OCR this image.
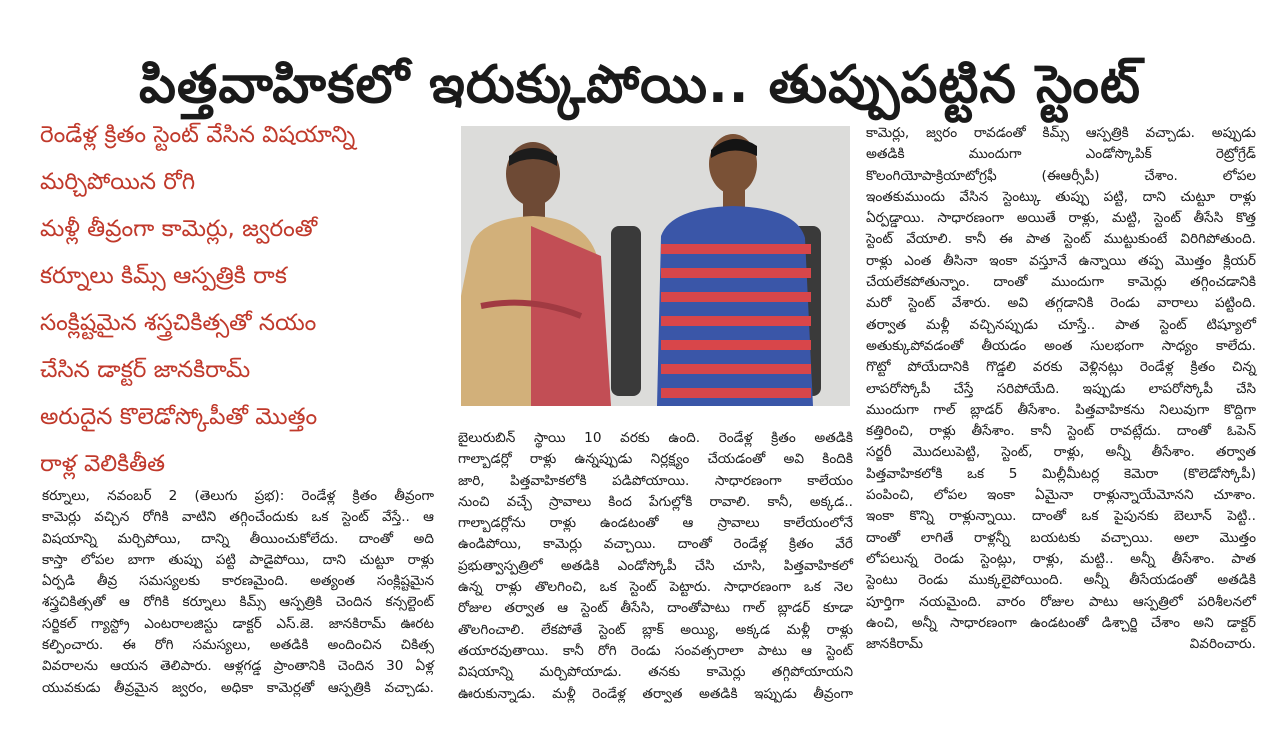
పిత్తవాహికలో ఇరుక్కుపోయి.. తుప్పుపట్టిన స్టెంట్
రెండేళ్ల క్రితం స్టెంట్ వేసిన విషయాన్ని
మర్చిపోయిన రోగి
మళ్లీ తీవ్రంగా కామెర్లు, జ్వరంతో
కర్నూలు కిమ్స్ ఆస్పత్రికి రాక
సంక్లిష్టమైన శస్త్రచికిత్సతో నయం
చేసిన డాక్టర్ జానకిరామ్
అరుదైన కొలెడోస్కోపీతో మొత్తం
రాళ్ల వెలికితీత

కర్నూలు, నవంబర్ 2 (తెలుగు ప్రభ): రెండేళ్ల క్రితం తీవ్రంగా

కామెర్లు వచ్చిన రోగికి వాటిని తగ్గించేందుకు ఒక స్టెంట్ వేస్తే.. ఆ

విషయాన్ని మర్చిపోయి, దాన్ని తీయించుకోలేదు. దాంతో అది

కాస్తా లోపల బాగా తుప్పు పట్టి పాడైపోయి, దాని చుట్టూ రాళ్లు

ఏర్పడి తీవ్ర సమస్యలకు కారణమైంది. అత్యంత సంక్లిష్టమైన

శస్త్రచికిత్సతో ఆ రోగికి కర్నూలు కిమ్స్ ఆస్పత్రికి చెందిన కన్సల్టెంట్

సర్జికల్ గ్యాస్ట్రో ఎంటరాలజిస్టు డాక్టర్ ఎస్.జె. జానకిరామ్ ఊరట

కల్పించారు. ఈ రోగి సమస్యలు, అతడికి అందించిన చికిత్స

వివరాలను ఆయన తెలిపారు. ఆళ్లగడ్డ ప్రాంతానికి చెందిన 30 ఏళ్ల

యువకుడు తీవ్రమైన జ్వరం, అధికా కామెర్లతో ఆస్పత్రికి వచ్చాడు.

బైలురుబిన్ స్థాయి 10 వరకు ఉంది. రెండేళ్ల క్రితం అతడికి

గాల్బాడర్లో రాళ్లు ఉన్నప్పుడు నిర్లక్ష్యం చేయడంతో అవి కిందికి

జారి, పిత్తవాహికలోకి పడిపోయాయి. సాధారణంగా కాలేయం

నుంచి వచ్చే స్రావాలు కింద పేగుల్లోకి రావాలి. కానీ, అక్కడ..

గాల్బాడర్లోను రాళ్లు ఉండటంతో ఆ స్రావాలు కాలేయంలోనే

ఉండిపోయి, కామెర్లు వచ్చాయి. దాంతో రెండేళ్ల క్రితం వేరే

ప్రభుత్వాస్పత్రిలో అతడికి ఎండోస్కోపీ చేసి చూసి, పిత్తవాహికలో

ఉన్న రాళ్లు తొలగించి, ఒక స్టెంట్ పెట్టారు. సాధారణంగా ఒక నెల

రోజుల తర్వాత ఆ స్టెంట్ తీసేసి, దాంతోపాటు గాల్ బ్లాడర్ కూడా

తొలగించాలి. లేకపోతే స్టెంట్ బ్లాక్ అయ్యి, అక్కడ మళ్లీ రాళ్లు

తయారవుతాయి. కానీ రోగి రెండు సంవత్సరాలా పాటు ఆ స్టెంట్

విషయాన్ని మర్చిపోయాడు. తనకు కామెర్లు తగ్గిపోయాయని

ఊరుకున్నాడు. మళ్లీ రెండేళ్ల తర్వాత అతడికి ఇప్పుడు తీవ్రంగా

కామెర్లు, జ్వరం రావడంతో కిమ్స్ ఆస్పత్రికి వచ్చాడు. అప్పుడు

అతడికి ముందుగా ఎండోస్కొపిక్ రెట్రోగ్రేడ్

కొలంగియోపాక్రియాటోగ్రఫీ (ఈఆర్సీపీ) చేశాం. లోపల

ఇంతకుముందు వేసిన స్టెంట్కు తుప్పు పట్టి, దాని చుట్టూ రాళ్లు

ఏర్పడ్డాయి. సాధారణంగా అయితే రాళ్లు, మట్టి, స్టెంట్ తీసేసి కొత్త

స్టెంట్ వేయాలి. కానీ ఈ పాత స్టెంట్ ముట్టుకుంటే విరిగిపోతుంది.

రాళ్లు ఎంత తీసినా ఇంకా వస్తూనే ఉన్నాయి తప్ప మొత్తం క్లియర్

చేయలేకపోతున్నాం. దాంతో ముందుగా కామెర్లు తగ్గించడానికి

మరో స్టెంట్ వేశారు. అవి తగ్గడానికి రెండు వారాలు పట్టింది.

తర్వాత మళ్లీ వచ్చినప్పుడు చూస్తే.. పాత స్టెంట్ టిష్యూలో

అతుక్కుపోవడంతో తీయడం అంత సులభంగా సాధ్యం కాలేదు.

గొట్టో పోయేదానికి గొడ్డలి వరకు వెళ్లినట్లు రెండేళ్ల క్రితం చిన్న

లాపరోస్కోపీ చేస్తే సరిపోయేది. ఇప్పుడు లాపరోస్కోపీ చేసి

ముందుగా గాల్ బ్లాడర్ తీసేశాం. పిత్తవాహికను నిలువుగా కొద్దిగా

కత్తిరించి, రాళ్లు తీసేశాం. కానీ స్టెంట్ రావట్లేదు. దాంతో ఓపెన్

సర్జరీ మొదలుపెట్టి, స్టెంట్, రాళ్లు, అన్నీ తీసేశాం. తర్వాత

పిత్తవాహికలోకి ఒక 5 మిల్లీమీటర్ల కెమెరా (కొలెడోస్కోపీ)

పంపించి, లోపల ఇంకా ఏమైనా రాళ్లున్నాయేమోనని చూశాం.

ఇంకా కొన్ని రాళ్లున్నాయి. దాంతో ఒక పైపునకు బెలూన్ పెట్టి..

దాంతో లాగితే రాళ్లన్నీ బయటకు వచ్చాయి. అలా మొత్తం

లోపలున్న రెండు స్టెంట్లు, రాళ్లు, మట్టి.. అన్నీ తీసేశాం. పాత

స్టెంటు రెండు ముక్కలైపోయింది. అన్నీ తీసేయడంతో అతడికి

పూర్తిగా నయమైంది. వారం రోజుల పాటు ఆస్పత్రిలో పరిశీలనలో

ఉంచి, అన్నీ సాధారణంగా ఉండటంతో డిశ్చార్జి చేశాం అని డాక్టర్

జానకిరామ్ వివరించారు.
